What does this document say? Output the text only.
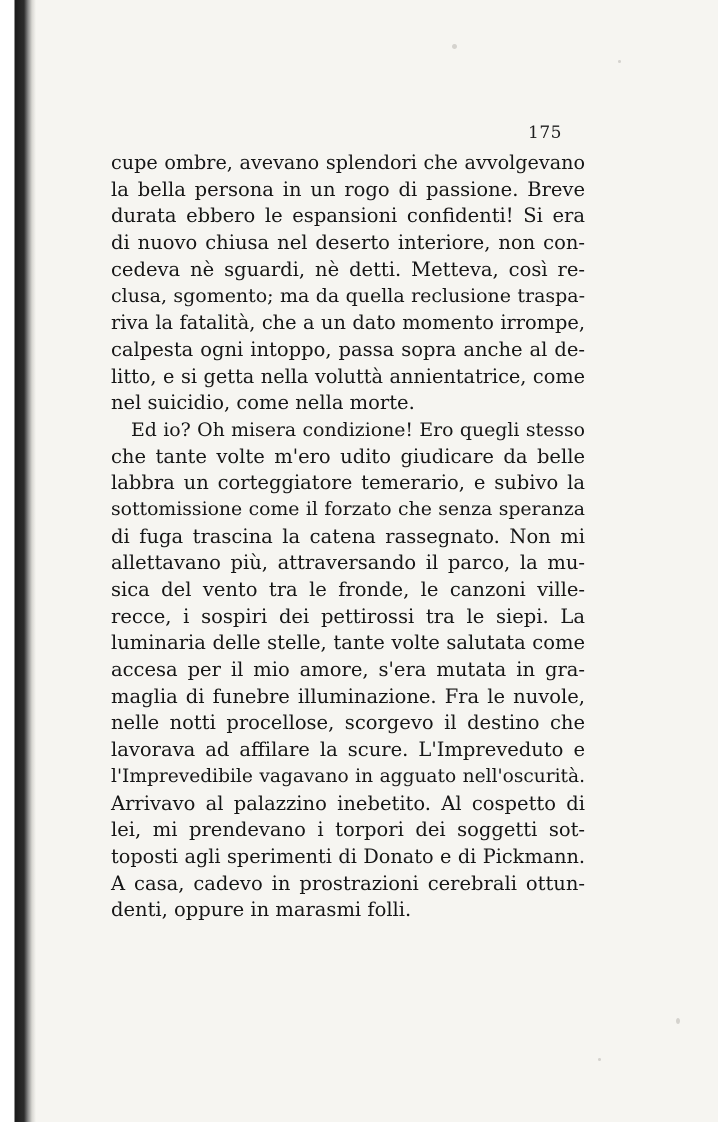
175
cupe ombre, avevano splendori che avvolgevano
la bella persona in un rogo di passione. Breve
durata ebbero le espansioni confidenti! Si era
di nuovo chiusa nel deserto interiore, non con-
cedeva nè sguardi, nè detti. Metteva, così re-
clusa, sgomento; ma da quella reclusione traspa-
riva la fatalità, che a un dato momento irrompe,
calpesta ogni intoppo, passa sopra anche al de-
litto, e si getta nella voluttà annientatrice, come
nel suicidio, come nella morte.
Ed io? Oh misera condizione! Ero quegli stesso
che tante volte m'ero udito giudicare da belle
labbra un corteggiatore temerario, e subivo la
sottomissione come il forzato che senza speranza
di fuga trascina la catena rassegnato. Non mi
allettavano più, attraversando il parco, la mu-
sica del vento tra le fronde, le canzoni ville-
recce, i sospiri dei pettirossi tra le siepi. La
luminaria delle stelle, tante volte salutata come
accesa per il mio amore, s'era mutata in gra-
maglia di funebre illuminazione. Fra le nuvole,
nelle notti procellose, scorgevo il destino che
lavorava ad affilare la scure. L'Impreveduto e
l'Imprevedibile vagavano in agguato nell'oscurità.
Arrivavo al palazzino inebetito. Al cospetto di
lei, mi prendevano i torpori dei soggetti sot-
toposti agli sperimenti di Donato e di Pickmann.
A casa, cadevo in prostrazioni cerebrali ottun-
denti, oppure in marasmi folli.
